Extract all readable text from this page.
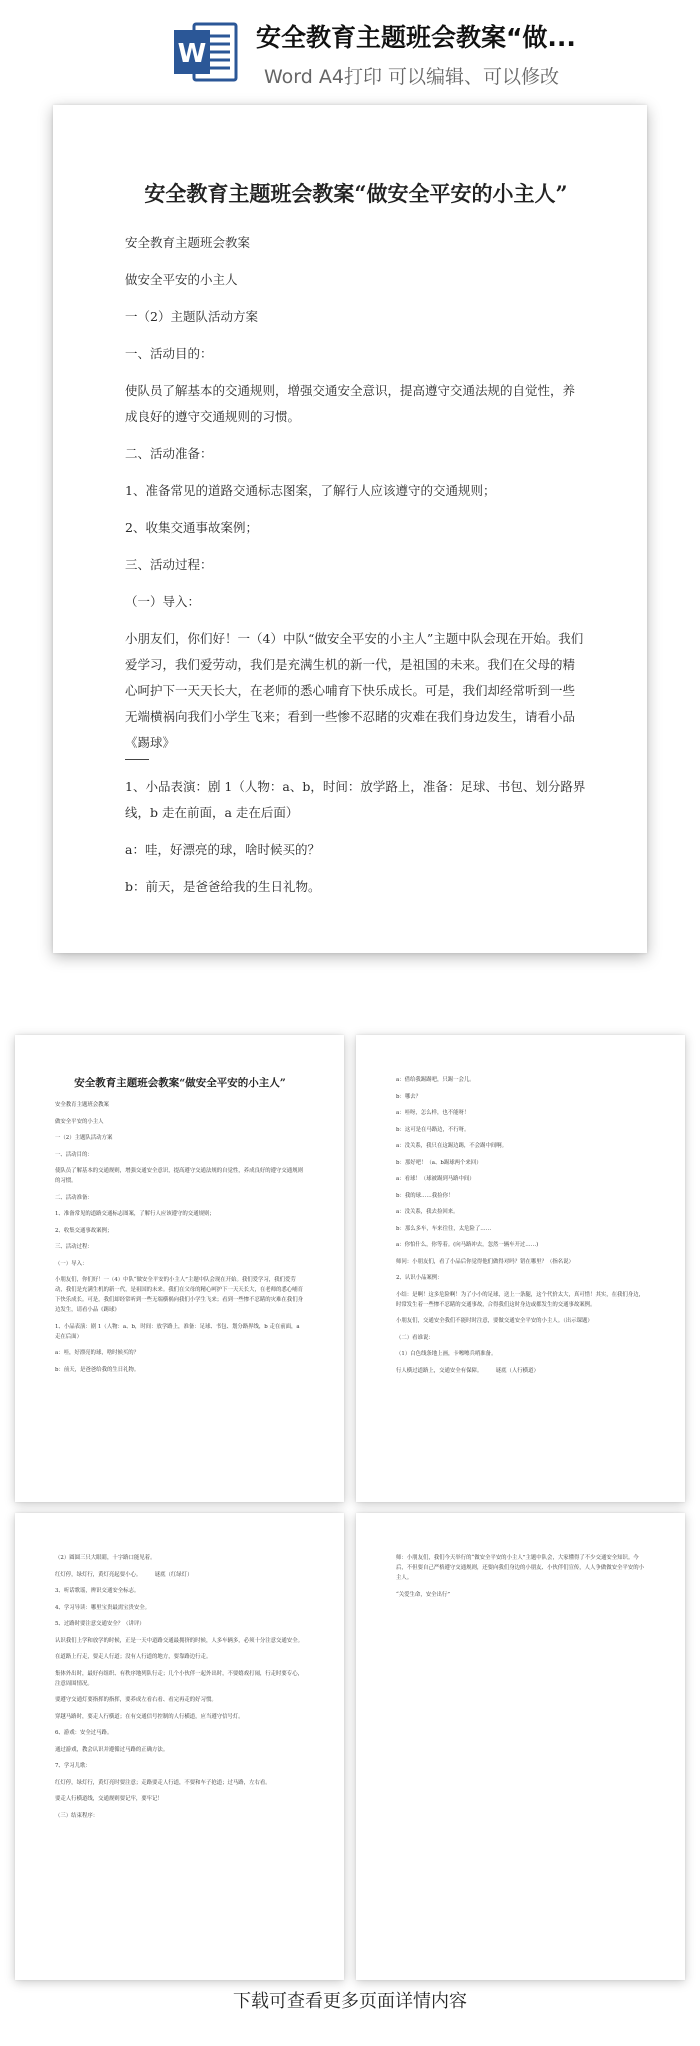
W
安全教育主题班会教案“做...
Word A4打印 可以编辑、可以修改
安全教育主题班会教案“做安全平安的小主人”
安全教育主题班会教案
做安全平安的小主人
一（2）主题队活动方案
一、活动目的：
使队员了解基本的交通规则，增强交通安全意识，提高遵守交通法规的自觉性，养成良好的遵守交通规则的习惯。
二、活动准备：
1、准备常见的道路交通标志图案，了解行人应该遵守的交通规则；
2、收集交通事故案例；
三、活动过程：
（一）导入：
小朋友们，你们好！一（4）中队“做安全平安的小主人”主题中队会现在开始。我们爱学习，我们爱劳动，我们是充满生机的新一代，是祖国的未来。我们在父母的精心呵护下一天天长大，在老师的悉心哺育下快乐成长。可是，我们却经常听到一些无端横祸向我们小学生飞来；看到一些惨不忍睹的灾难在我们身边发生，请看小品《踢球》
1、小品表演：剧 1（人物：a、b，时间：放学路上，准备：足球、书包、划分路界线，b 走在前面，a 走在后面）
a：哇，好漂亮的球，啥时候买的？
b：前天，是爸爸给我的生日礼物。
安全教育主题班会教案“做安全平安的小主人”
安全教育主题班会教案
做安全平安的小主人
一（2）主题队活动方案
一、活动目的：
使队员了解基本的交通规则，增强交通安全意识，提高遵守交通法规的自觉性，养成良好的遵守交通规则的习惯。
二、活动准备：
1、准备常见的道路交通标志图案，了解行人应该遵守的交通规则；
2、收集交通事故案例；
三、活动过程：
（一）导入：
小朋友们，你们好！一（4）中队“做安全平安的小主人”主题中队会现在开始。我们爱学习，我们爱劳动，我们是充满生机的新一代，是祖国的未来。我们在父母的精心呵护下一天天长大，在老师的悉心哺育下快乐成长。可是，我们却经常听到一些无端横祸向我们小学生飞来；看到一些惨不忍睹的灾难在我们身边发生，请看小品《踢球》
1、小品表演：剧 1（人物：a、b，时间：放学路上，准备：足球、书包、划分路界线，b 走在前面，a 走在后面）
a：哇，好漂亮的球，啥时候买的？
b：前天，是爸爸给我的生日礼物。
a：借给我踢踢吧，只踢一会儿。
b：哪去？
a：哇呀，怎么样，也不能呀！
b：这可是在马路边，不行呀。
a：没关系，我只在这踢边踢，不会踢中间啊。
b：那好吧！（a、b踢球两个来回）
a：看球！（球被踢到马路中间）
b：我的球……我捡你！
a：没关系，我去捡回来。
b：那么多车，车来往往，太危险了……
a：你怕什么，你等着。(向马路冲去，忽然一辆车开过……)
师问：小朋友们，看了小品后你觉得他们做得对吗？错在哪里？（指名说）
2、认识小品案例：
小结：是啊！这多危险啊！为了小小的足球，送上一条腿，这个代价太大，真可惜！其实，在我们身边，时常发生着一些惨不忍睹的交通事故，合得我们这时身边或都发生的交通事故案例。
小朋友们，交通安全我们不能时时注意，要做交通安全平安的小主人。（出示课题）
（二）看谁说：
（1）白色线条地上画，卡嚓嚓兵哨准备。
行人横过道路上，交通安全有保障。　　　谜底（人行横道）
（2）圆圆三只大眼睛，十字路口能见着。
红灯停，绿灯行，黄灯亮起要小心。　　　谜底（红绿灯）
3、听话歌谣，辨识交通安全标志。
4、学习导读：哪里宝贵最需宝贵安全。
5、过路时要注意交通安全？（讲评）
认识我们上学和放学的时候，正是一天中道路交通最拥挤的时候，人多车辆多，必须十分注意交通安全。
在道路上行走，要走人行道；没有人行道的地方，要靠路边行走。
集体外出时，最好有组织、有秩序地列队行走；几个小伙伴一起外出时，不要嬉戏打闹，行走时要专心，注意周围情况。
要遵守交通灯要指挥的指挥，要养成左看右看、看完再走的好习惯。
穿越马路时，要走人行横道；在有交通信号控制的人行横道，应当遵守信号灯。
6、游戏：安全过马路。
通过游戏，教会认识并遵循过马路的正确方法。
7、学习儿歌：
红灯停，绿灯行，黄灯亮时要注意；走路要走人行道，不要和车子抢道；过马路，左右看。
要走人行横道线，交通规则要记牢，要牢记！
（三）结束程序：
师：小朋友们，我们今天举行的“做安全平安的小主人”主题中队会，大家懂得了不少交通安全知识。今后，不但要自己严格遵守交通规则，还要向我们身边的小朋友、小伙伴们宣传，人人争做做安全平安的小主人。
“关爱生命，安全出行”
下载可查看更多页面详情内容
